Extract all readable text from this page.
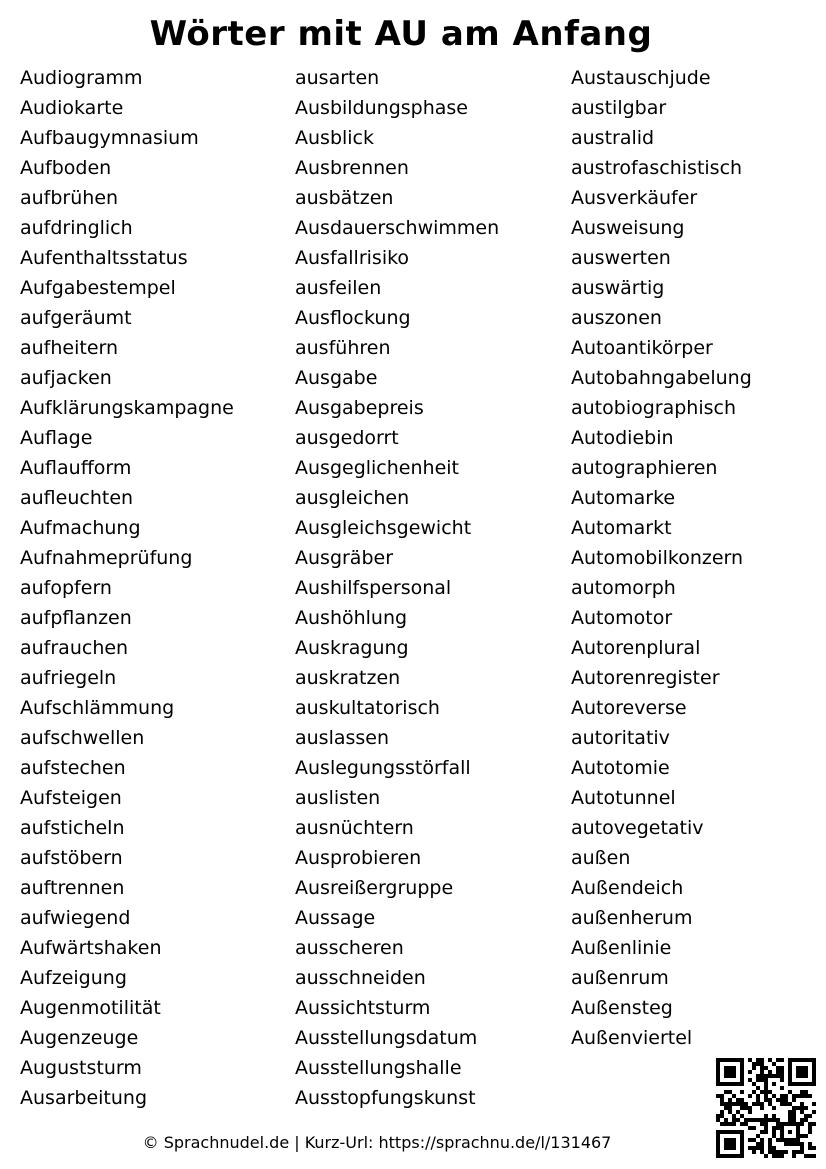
Wörter mit AU am Anfang
Audiogramm
Audiokarte
Aufbaugymnasium
Aufboden
aufbrühen
aufdringlich
Aufenthaltsstatus
Aufgabestempel
aufgeräumt
aufheitern
aufjacken
Aufklärungskampagne
Auflage
Auflaufform
aufleuchten
Aufmachung
Aufnahmeprüfung
aufopfern
aufpflanzen
aufrauchen
aufriegeln
Aufschlämmung
aufschwellen
aufstechen
Aufsteigen
aufsticheln
aufstöbern
auftrennen
aufwiegend
Aufwärtshaken
Aufzeigung
Augenmotilität
Augenzeuge
Auguststurm
Ausarbeitung
ausarten
Ausbildungsphase
Ausblick
Ausbrennen
ausbätzen
Ausdauerschwimmen
Ausfallrisiko
ausfeilen
Ausflockung
ausführen
Ausgabe
Ausgabepreis
ausgedorrt
Ausgeglichenheit
ausgleichen
Ausgleichsgewicht
Ausgräber
Aushilfspersonal
Aushöhlung
Auskragung
auskratzen
auskultatorisch
auslassen
Auslegungsstörfall
auslisten
ausnüchtern
Ausprobieren
Ausreißergruppe
Aussage
ausscheren
ausschneiden
Aussichtsturm
Ausstellungsdatum
Ausstellungshalle
Ausstopfungskunst
Austauschjude
austilgbar
australid
austrofaschistisch
Ausverkäufer
Ausweisung
auswerten
auswärtig
auszonen
Autoantikörper
Autobahngabelung
autobiographisch
Autodiebin
autographieren
Automarke
Automarkt
Automobilkonzern
automorph
Automotor
Autorenplural
Autorenregister
Autoreverse
autoritativ
Autotomie
Autotunnel
autovegetativ
außen
Außendeich
außenherum
Außenlinie
außenrum
Außensteg
Außenviertel
© Sprachnudel.de | Kurz-Url: https://sprachnu.de/l/131467
